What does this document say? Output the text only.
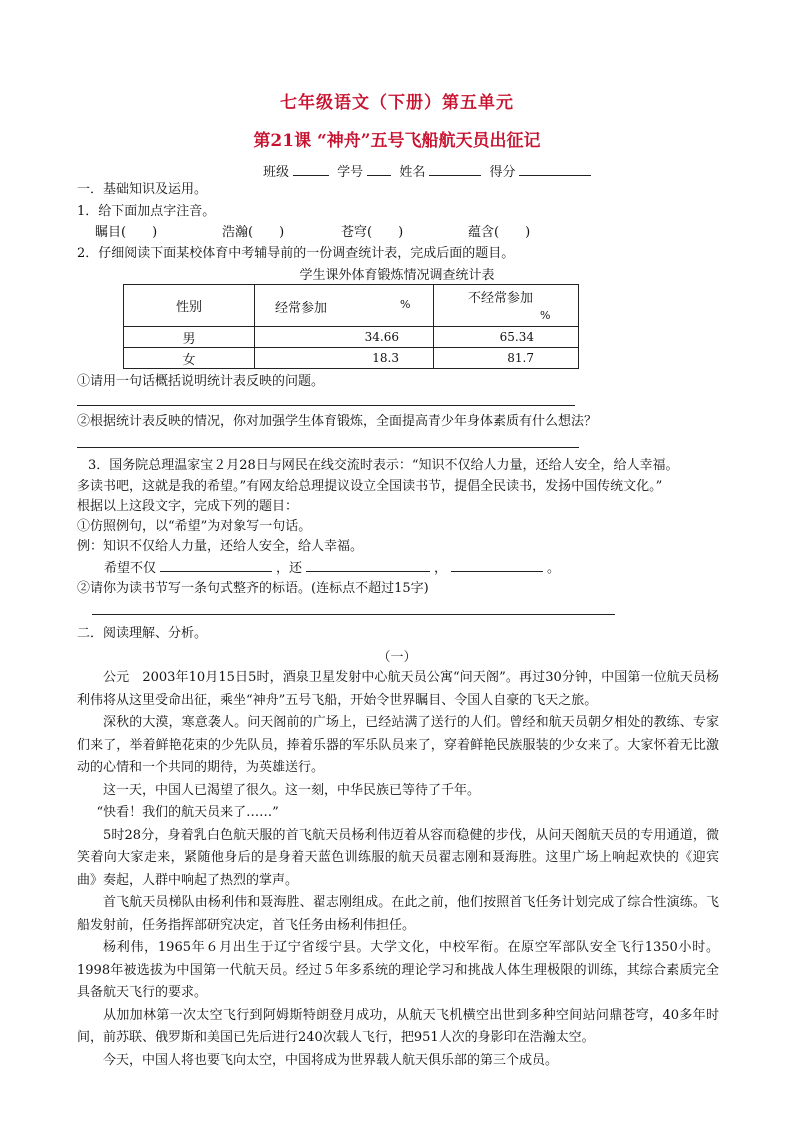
七年级语文（下册）第五单元
第21课 “神舟”五号飞船航天员出征记
班级	学号	姓名	得分
一．基础知识及运用。
1．给下面加点字注音。
瞩目(　　)	浩瀚(　　)	苍穹(　　)	蕴含(　　)
2．仔细阅读下面某校体育中考辅导前的一份调查统计表，完成后面的题目。
学生课外体育锻炼情况调查统计表
性别	经常参加 %	不经常参加
%

男	34.66	65.34
女	18.3	81.7
①请用一句话概括说明统计表反映的问题。
②根据统计表反映的情况，你对加强学生体育锻炼，全面提高青少年身体素质有什么想法？
3．国务院总理温家宝２月28日与网民在线交流时表示：“知识不仅给人力量，还给人安全，给人幸福。
多读书吧，这就是我的希望。”有网友给总理提议设立全国读书节，提倡全民读书，发扬中国传统文化。”
根据以上这段文字，完成下列的题目：
①仿照例句，以“希望”为对象写一句话。
例：知识不仅给人力量，还给人安全，给人幸福。
希望不仅	，还	，	。
②请你为读书节写一条句式整齐的标语。(连标点不超过15字)
二．阅读理解、分析。
（一）

公元　2003年10月15日5时，酒泉卫星发射中心航天员公寓“问天阁”。再过30分钟，中国第一位航天员杨利伟将从这里受命出征，乘坐“神舟”五号飞船，开始令世界瞩目、令国人自豪的飞天之旅。

深秋的大漠，寒意袭人。问天阁前的广场上，已经站满了送行的人们。曾经和航天员朝夕相处的教练、专家们来了，举着鲜艳花束的少先队员，捧着乐器的军乐队员来了，穿着鲜艳民族服装的少女来了。大家怀着无比激动的心情和一个共同的期待，为英雄送行。

这一天，中国人已渴望了很久。这一刻，中华民族已等待了千年。

“快看！我们的航天员来了……”

5时28分，身着乳白色航天服的首飞航天员杨利伟迈着从容而稳健的步伐，从问天阁航天员的专用通道，微笑着向大家走来，紧随他身后的是身着天蓝色训练服的航天员翟志刚和聂海胜。这里广场上响起欢快的《迎宾曲》奏起，人群中响起了热烈的掌声。

首飞航天员梯队由杨利伟和聂海胜、翟志刚组成。在此之前，他们按照首飞任务计划完成了综合性演练。飞船发射前，任务指挥部研究决定，首飞任务由杨利伟担任。

杨利伟，1965年６月出生于辽宁省绥宁县。大学文化，中校军衔。在原空军部队安全飞行1350小时。1998年被选拔为中国第一代航天员。经过５年多系统的理论学习和挑战人体生理极限的训练，其综合素质完全具备航天飞行的要求。

从加加林第一次太空飞行到阿姆斯特朗登月成功，从航天飞机横空出世到多种空间站问鼎苍穹，40多年时间，前苏联、俄罗斯和美国已先后进行240次载人飞行，把951人次的身影印在浩瀚太空。

今天，中国人将也要飞向太空，中国将成为世界载人航天俱乐部的第三个成员。
